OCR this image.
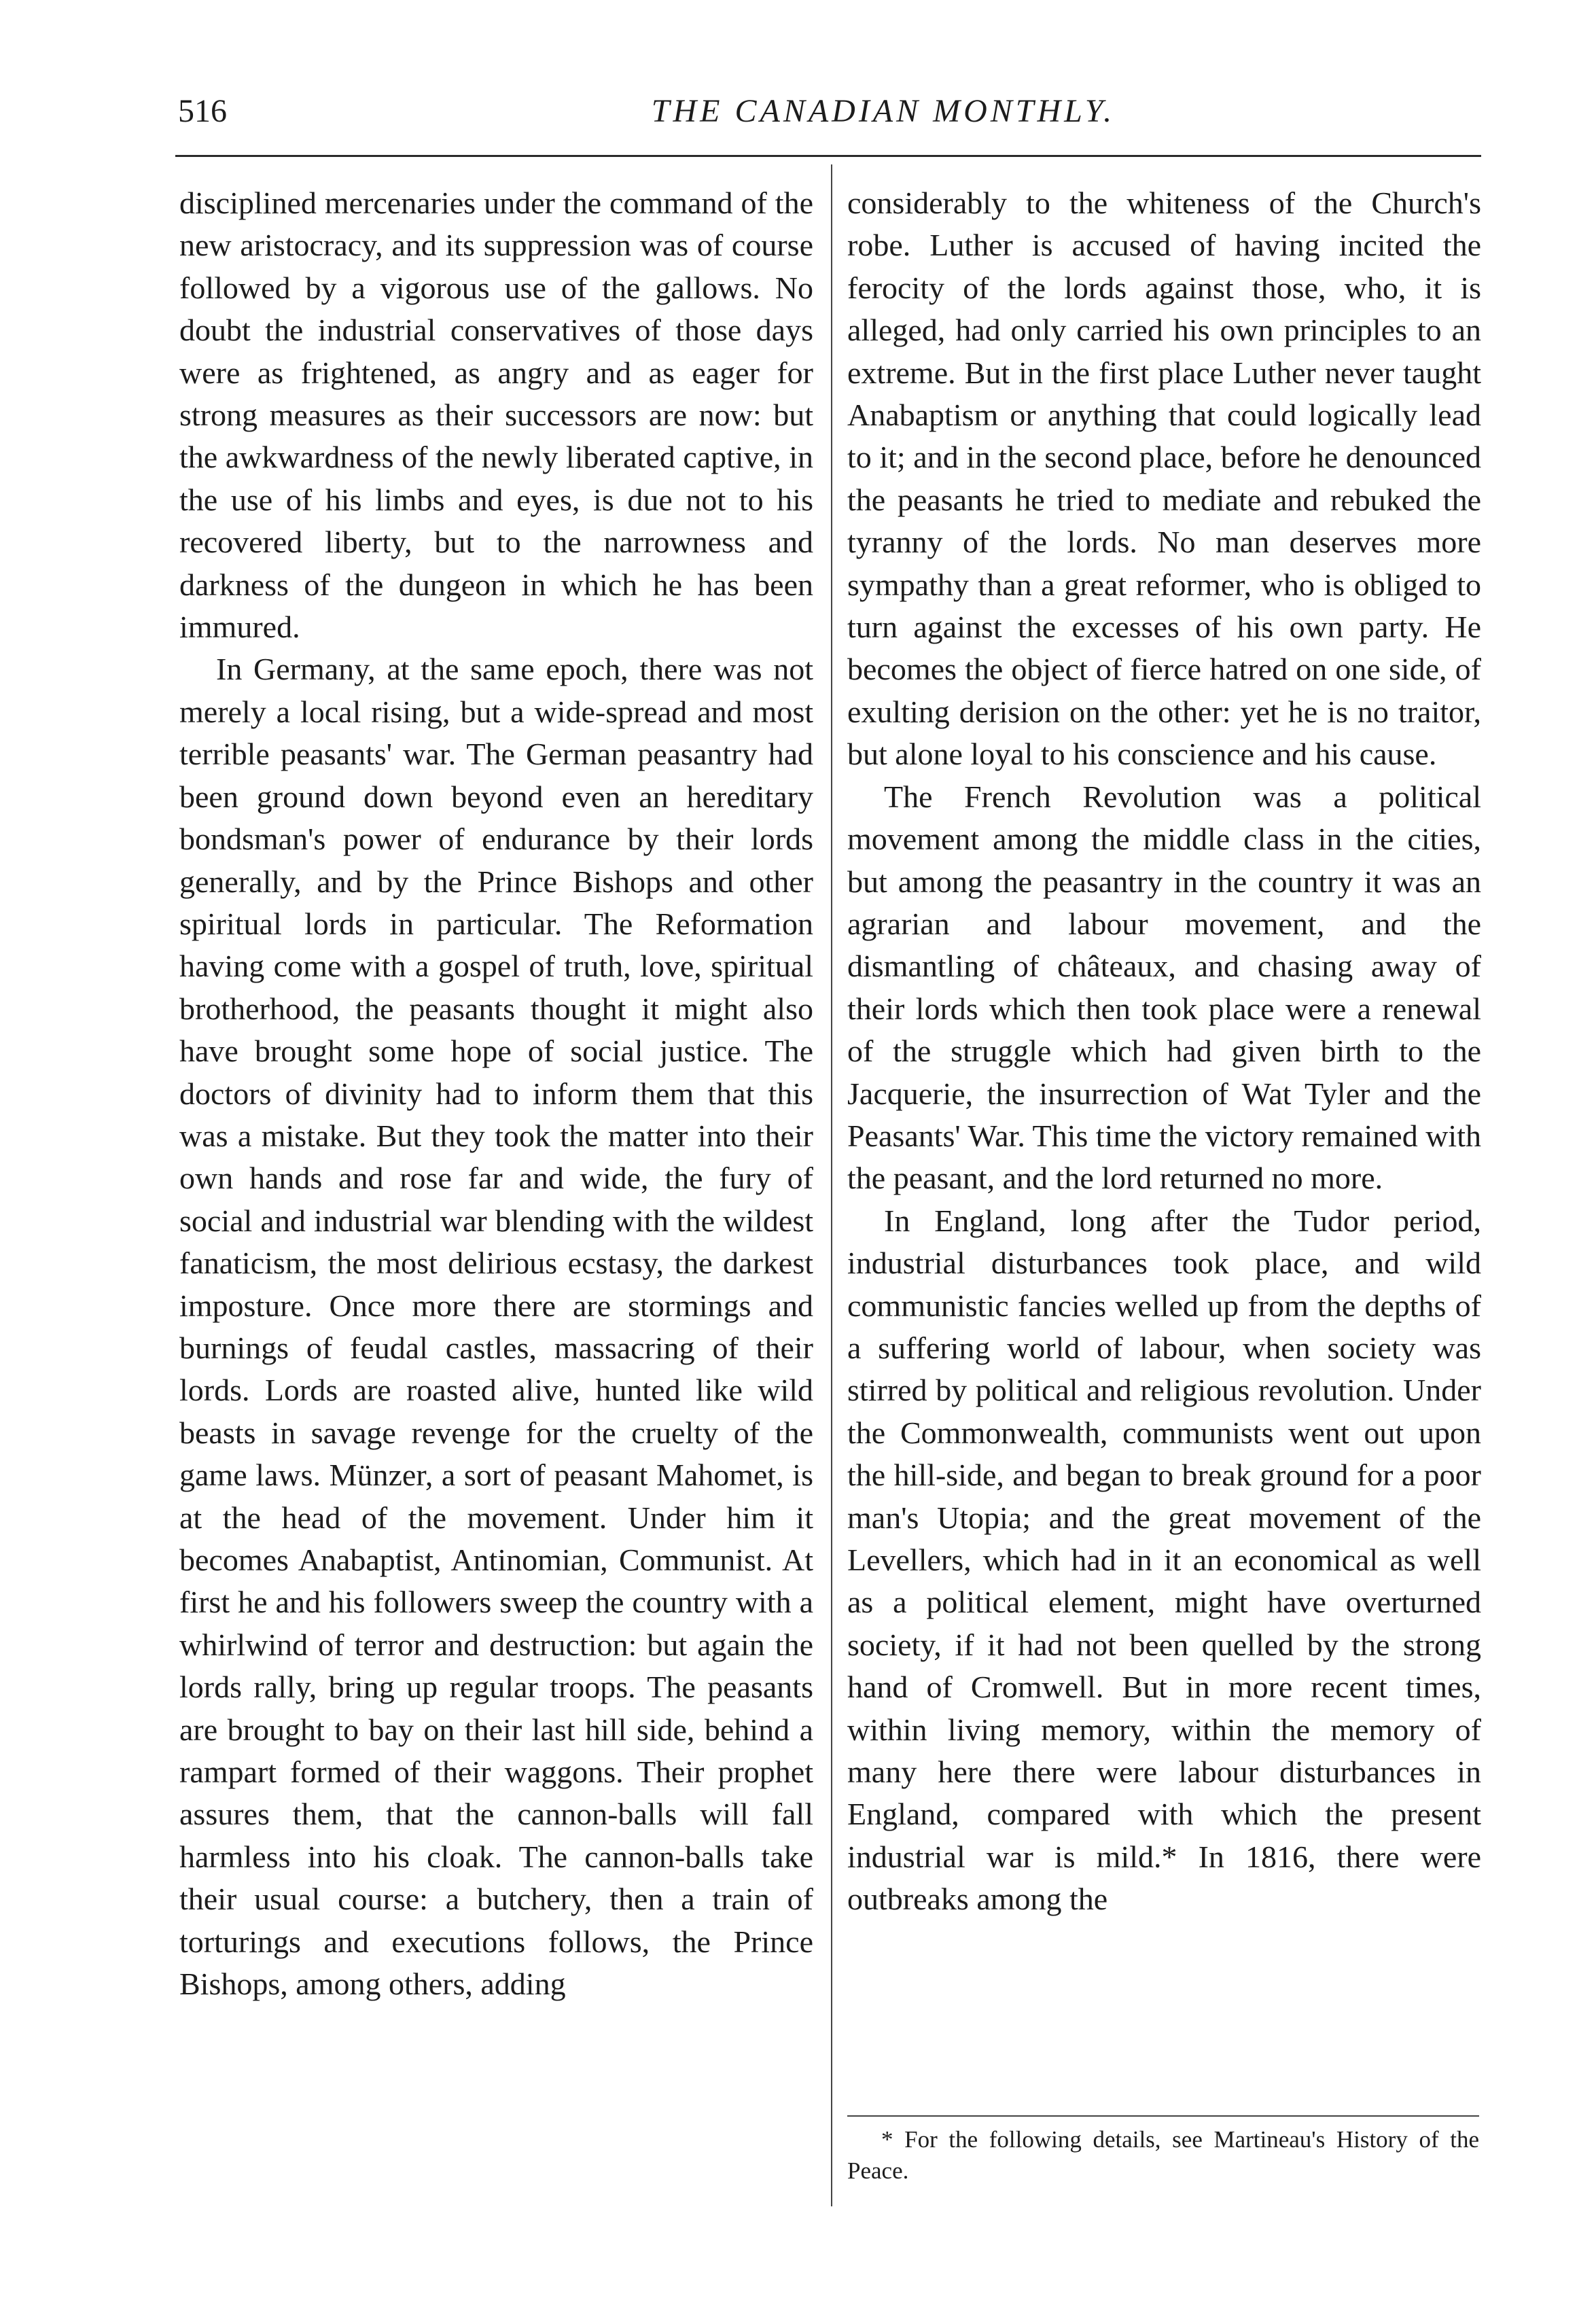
516	THE CANADIAN MONTHLY.

disciplined mercenaries under the command of the new aristocracy, and its suppression was of course followed by a vigorous use of the gallows. No doubt the industrial conservatives of those days were as frightened, as angry and as eager for strong measures as their successors are now: but the awkwardness of the newly liberated captive, in the use of his limbs and eyes, is due not to his recovered liberty, but to the narrowness and darkness of the dungeon in which he has been immured.

In Germany, at the same epoch, there was not merely a local rising, but a wide-spread and most terrible peasants' war. The German peasantry had been ground down beyond even an hereditary bondsman's power of endurance by their lords generally, and by the Prince Bishops and other spiritual lords in particular. The Reformation having come with a gospel of truth, love, spiritual brotherhood, the peasants thought it might also have brought some hope of social justice. The doctors of divinity had to inform them that this was a mistake. But they took the matter into their own hands and rose far and wide, the fury of social and industrial war blending with the wildest fanaticism, the most delirious ecstasy, the darkest imposture. Once more there are stormings and burnings of feudal castles, massacring of their lords. Lords are roasted alive, hunted like wild beasts in savage revenge for the cruelty of the game laws. Münzer, a sort of peasant Mahomet, is at the head of the movement. Under him it becomes Anabaptist, Antinomian, Communist. At first he and his followers sweep the country with a whirlwind of terror and destruction: but again the lords rally, bring up regular troops. The peasants are brought to bay on their last hill side, behind a rampart formed of their waggons. Their prophet assures them, that the cannon-balls will fall harmless into his cloak. The cannon-balls take their usual course: a butchery, then a train of torturings and executions follows, the Prince Bishops, among others, adding

considerably to the whiteness of the Church's robe. Luther is accused of having incited the ferocity of the lords against those, who, it is alleged, had only carried his own principles to an extreme. But in the first place Luther never taught Anabaptism or anything that could logically lead to it; and in the second place, before he denounced the peasants he tried to mediate and rebuked the tyranny of the lords. No man deserves more sympathy than a great reformer, who is obliged to turn against the excesses of his own party. He becomes the object of fierce hatred on one side, of exulting derision on the other: yet he is no traitor, but alone loyal to his conscience and his cause.

The French Revolution was a political movement among the middle class in the cities, but among the peasantry in the country it was an agrarian and labour movement, and the dismantling of châteaux, and chasing away of their lords which then took place were a renewal of the struggle which had given birth to the Jacquerie, the insurrection of Wat Tyler and the Peasants' War. This time the victory remained with the peasant, and the lord returned no more.

In England, long after the Tudor period, industrial disturbances took place, and wild communistic fancies welled up from the depths of a suffering world of labour, when society was stirred by political and religious revolution. Under the Commonwealth, communists went out upon the hill-side, and began to break ground for a poor man's Utopia; and the great movement of the Levellers, which had in it an economical as well as a political element, might have overturned society, if it had not been quelled by the strong hand of Cromwell. But in more recent times, within living memory, within the memory of many here there were labour disturbances in England, compared with which the present industrial war is mild.* In 1816, there were outbreaks among the

* For the following details, see Martineau's History of the Peace.
